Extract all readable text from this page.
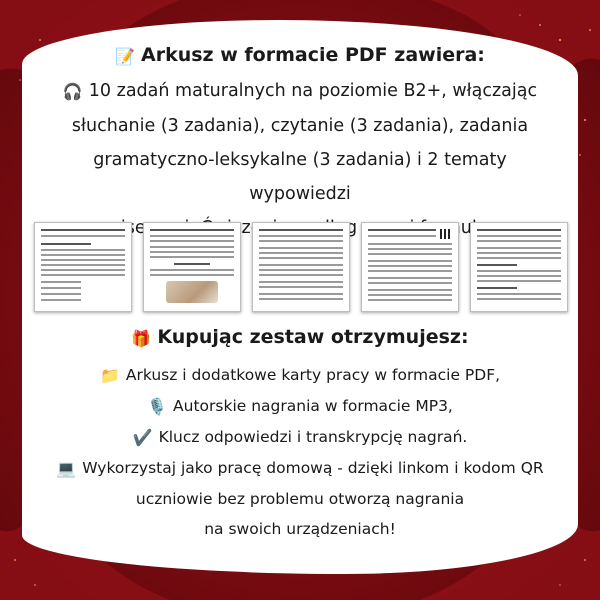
📝 Arkusz w formacie PDF zawiera:
🎧 10 zadań maturalnych na poziomie B2+, włączając
słuchanie (3 zadania), czytanie (3 zadania), zadania
gramatyczno-leksykalne (3 zadania) i 2 tematy wypowiedzi
Ćwiczenia
🎁 Kupując zestaw otrzymujesz:
📁 Arkusz i dodatkowe karty pracy w formacie PDF,
🎙️ Autorskie nagrania w formacie MP3,
✔️ Klucz odpowiedzi i transkrypcję nagrań.
💻 Wykorzystaj jako pracę domową - dzięki linkom i kodom QR
uczniowie bez problemu otworzą nagrania
na swoich urządzeniach!
